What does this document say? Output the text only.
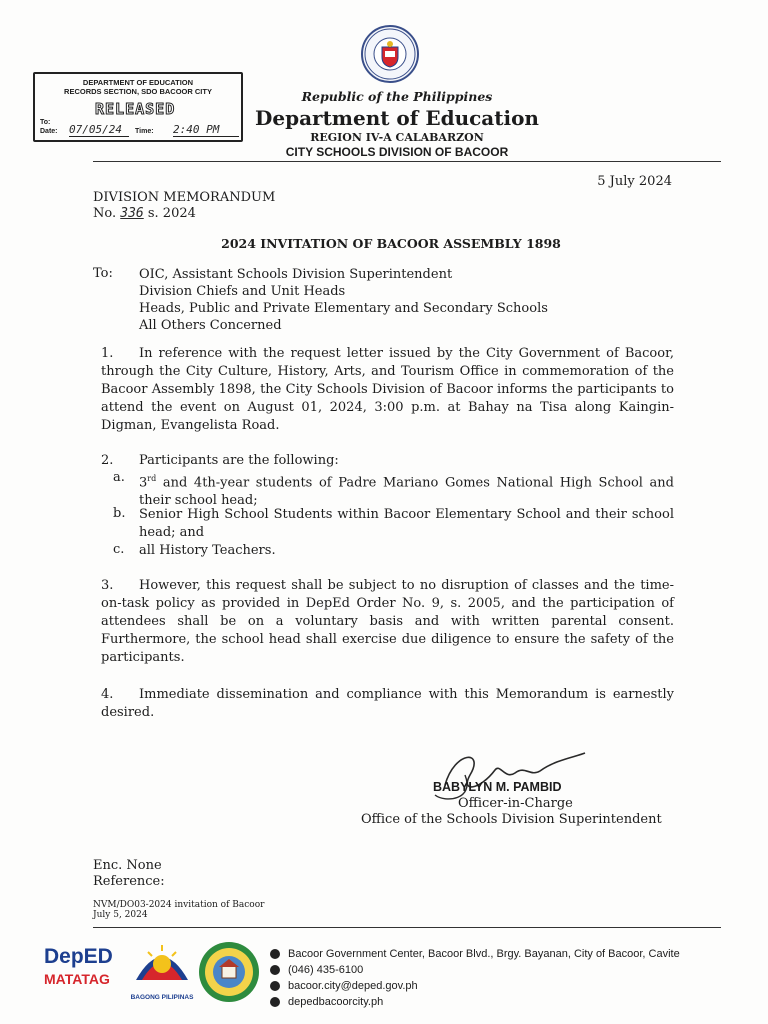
DEPARTMENT OF EDUCATION
RECORDS SECTION, SDO BACOOR CITY
RELEASED
To:
Date: 07/05/24	Time: 2:40 PM
Republic of the Philippines
Department of Education
REGION IV-A CALABARZON
CITY SCHOOLS DIVISION OF BACOOR
5 July 2024
DIVISION MEMORANDUM
No. 336 s. 2024
2024 INVITATION OF BACOOR ASSEMBLY 1898
To: OIC, Assistant Schools Division Superintendent
Division Chiefs and Unit Heads
Heads, Public and Private Elementary and Secondary Schools
All Others Concerned
1. In reference with the request letter issued by the City Government of Bacoor, through the City Culture, History, Arts, and Tourism Office in commemoration of the Bacoor Assembly 1898, the City Schools Division of Bacoor informs the participants to attend the event on August 01, 2024, 3:00 p.m. at Bahay na Tisa along Kaingin-Digman, Evangelista Road.
2. Participants are the following:
a. 3rd and 4th-year students of Padre Mariano Gomes National High School and their school head;
b. Senior High School Students within Bacoor Elementary School and their school head; and
c. all History Teachers.
3. However, this request shall be subject to no disruption of classes and the time-on-task policy as provided in DepEd Order No. 9, s. 2005, and the participation of attendees shall be on a voluntary basis and with written parental consent. Furthermore, the school head shall exercise due diligence to ensure the safety of the participants.
4. Immediate dissemination and compliance with this Memorandum is earnestly desired.
BABYLYN M. PAMBID
Officer-in-Charge
Office of the Schools Division Superintendent
Enc. None
Reference:
NVM/DO03-2024 invitation of Bacoor
July 5, 2024
DepED
MATATAG
BAGONG PILIPINAS
Bacoor Government Center, Bacoor Blvd., Brgy. Bayanan, City of Bacoor, Cavite
(046) 435-6100
bacoor.city@deped.gov.ph
depedbacoorcity.ph
